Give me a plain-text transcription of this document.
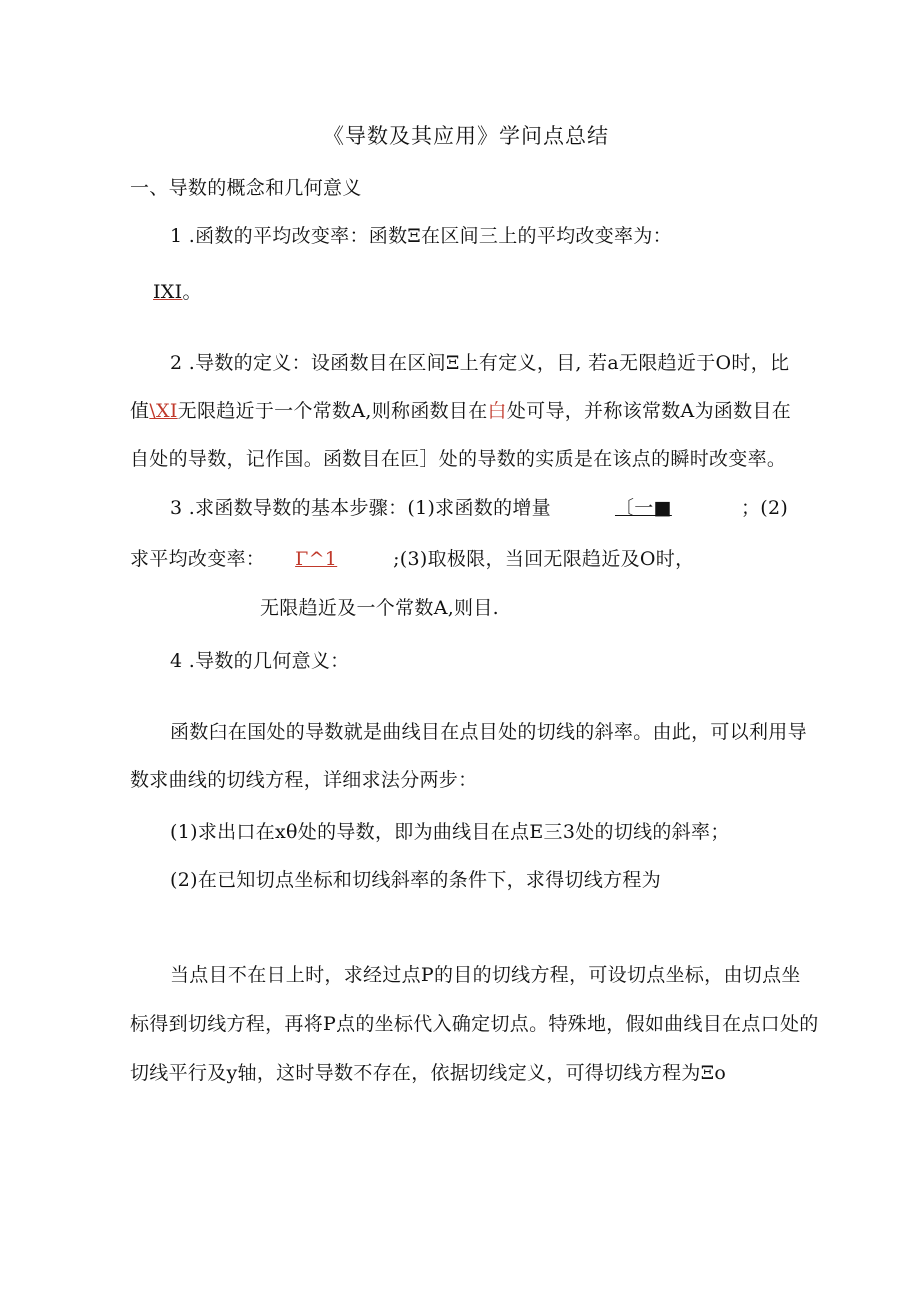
《导数及其应用》学问点总结
一、导数的概念和几何意义
1 .函数的平均改变率：函数Ξ在区间三上的平均改变率为：
IXI。
2 .导数的定义：设函数目在区间Ξ上有定义，目, 若a无限趋近于O时，比
值\XI无限趋近于一个常数A,则称函数目在白处可导，并称该常数A为函数目在
自处的导数，记作国。函数目在叵］处的导数的实质是在该点的瞬时改变率。
3 .求函数导数的基本步骤：(1)求函数的增量	〔一■	；(2)
求平均改变率： Γ^1	;(3)取极限，当回无限趋近及O时，
无限趋近及一个常数A,则目.
4 .导数的几何意义：
函数臼在国处的导数就是曲线目在点目处的切线的斜率。由此，可以利用导
数求曲线的切线方程，详细求法分两步：
(1)求出口在xθ处的导数，即为曲线目在点E三3处的切线的斜率；
(2)在已知切点坐标和切线斜率的条件下，求得切线方程为
当点目不在日上时，求经过点P的目的切线方程，可设切点坐标，由切点坐
标得到切线方程，再将P点的坐标代入确定切点。特殊地，假如曲线目在点口处的
切线平行及y轴，这时导数不存在，依据切线定义，可得切线方程为Ξo
